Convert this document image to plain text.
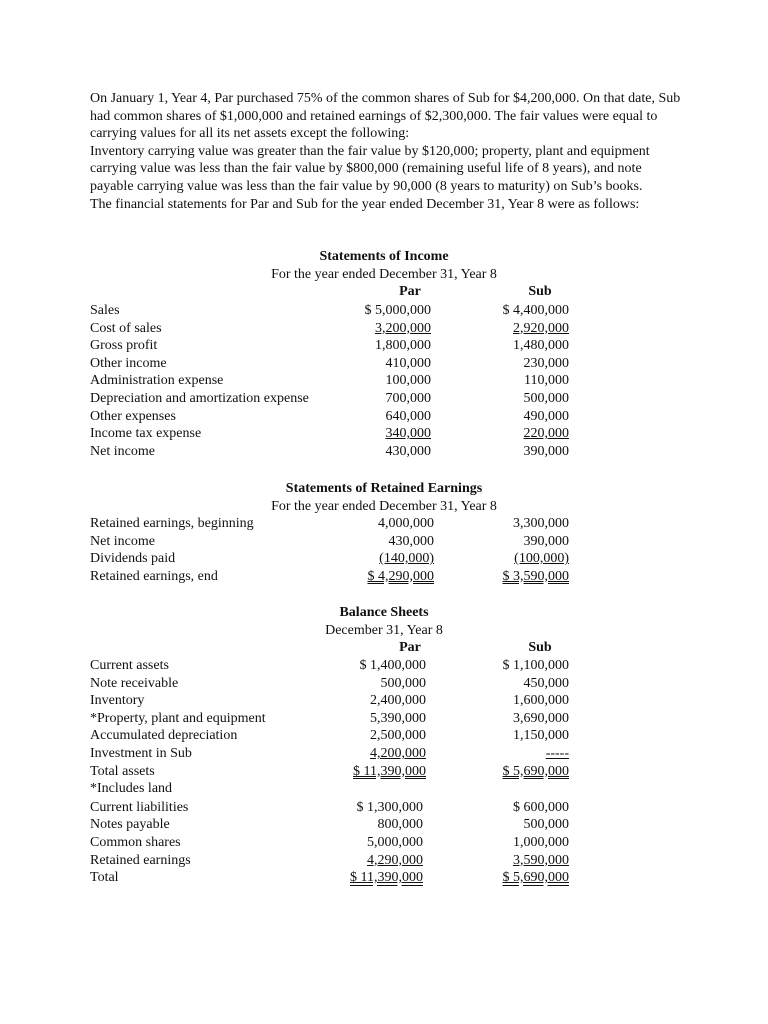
On January 1, Year 4, Par purchased 75% of the common shares of Sub for $4,200,000. On that date, Sub had common shares of $1,000,000 and retained earnings of $2,300,000. The fair values were equal to carrying values for all its net assets except the following:

Inventory carrying value was greater than the fair value by $120,000; property, plant and equipment carrying value was less than the fair value by $800,000 (remaining useful life of 8 years), and note payable carrying value was less than the fair value by 90,000 (8 years to maturity) on Sub’s books.

The financial statements for Par and Sub for the year ended December 31, Year 8 were as follows:

Statements of Income
For the year ended December 31, Year 8
Par	Sub
Sales	$ 5,000,000	$ 4,400,000
Cost of sales	3,200,000	2,920,000
Gross profit	1,800,000	1,480,000
Other income	410,000	230,000
Administration expense	100,000	110,000
Depreciation and amortization expense	700,000	500,000
Other expenses	640,000	490,000
Income tax expense	340,000	220,000
Net income	430,000	390,000
Statements of Retained Earnings
For the year ended December 31, Year 8
Retained earnings, beginning	4,000,000	3,300,000
Net income	430,000	390,000
Dividends paid	(140,000)	(100,000)
Retained earnings, end	$ 4,290,000	$ 3,590,000
Balance Sheets
December 31, Year 8
Par	Sub
Current assets	$ 1,400,000	$ 1,100,000
Note receivable	500,000	450,000
Inventory	2,400,000	1,600,000
*Property, plant and equipment	5,390,000	3,690,000
Accumulated depreciation	2,500,000	1,150,000
Investment in Sub	4,200,000	-----
Total assets	$ 11,390,000	$ 5,690,000
*Includes land
Current liabilities	$ 1,300,000	$ 600,000
Notes payable	800,000	500,000
Common shares	5,000,000	1,000,000
Retained earnings	4,290,000	3,590,000
Total	$ 11,390,000	$ 5,690,000
